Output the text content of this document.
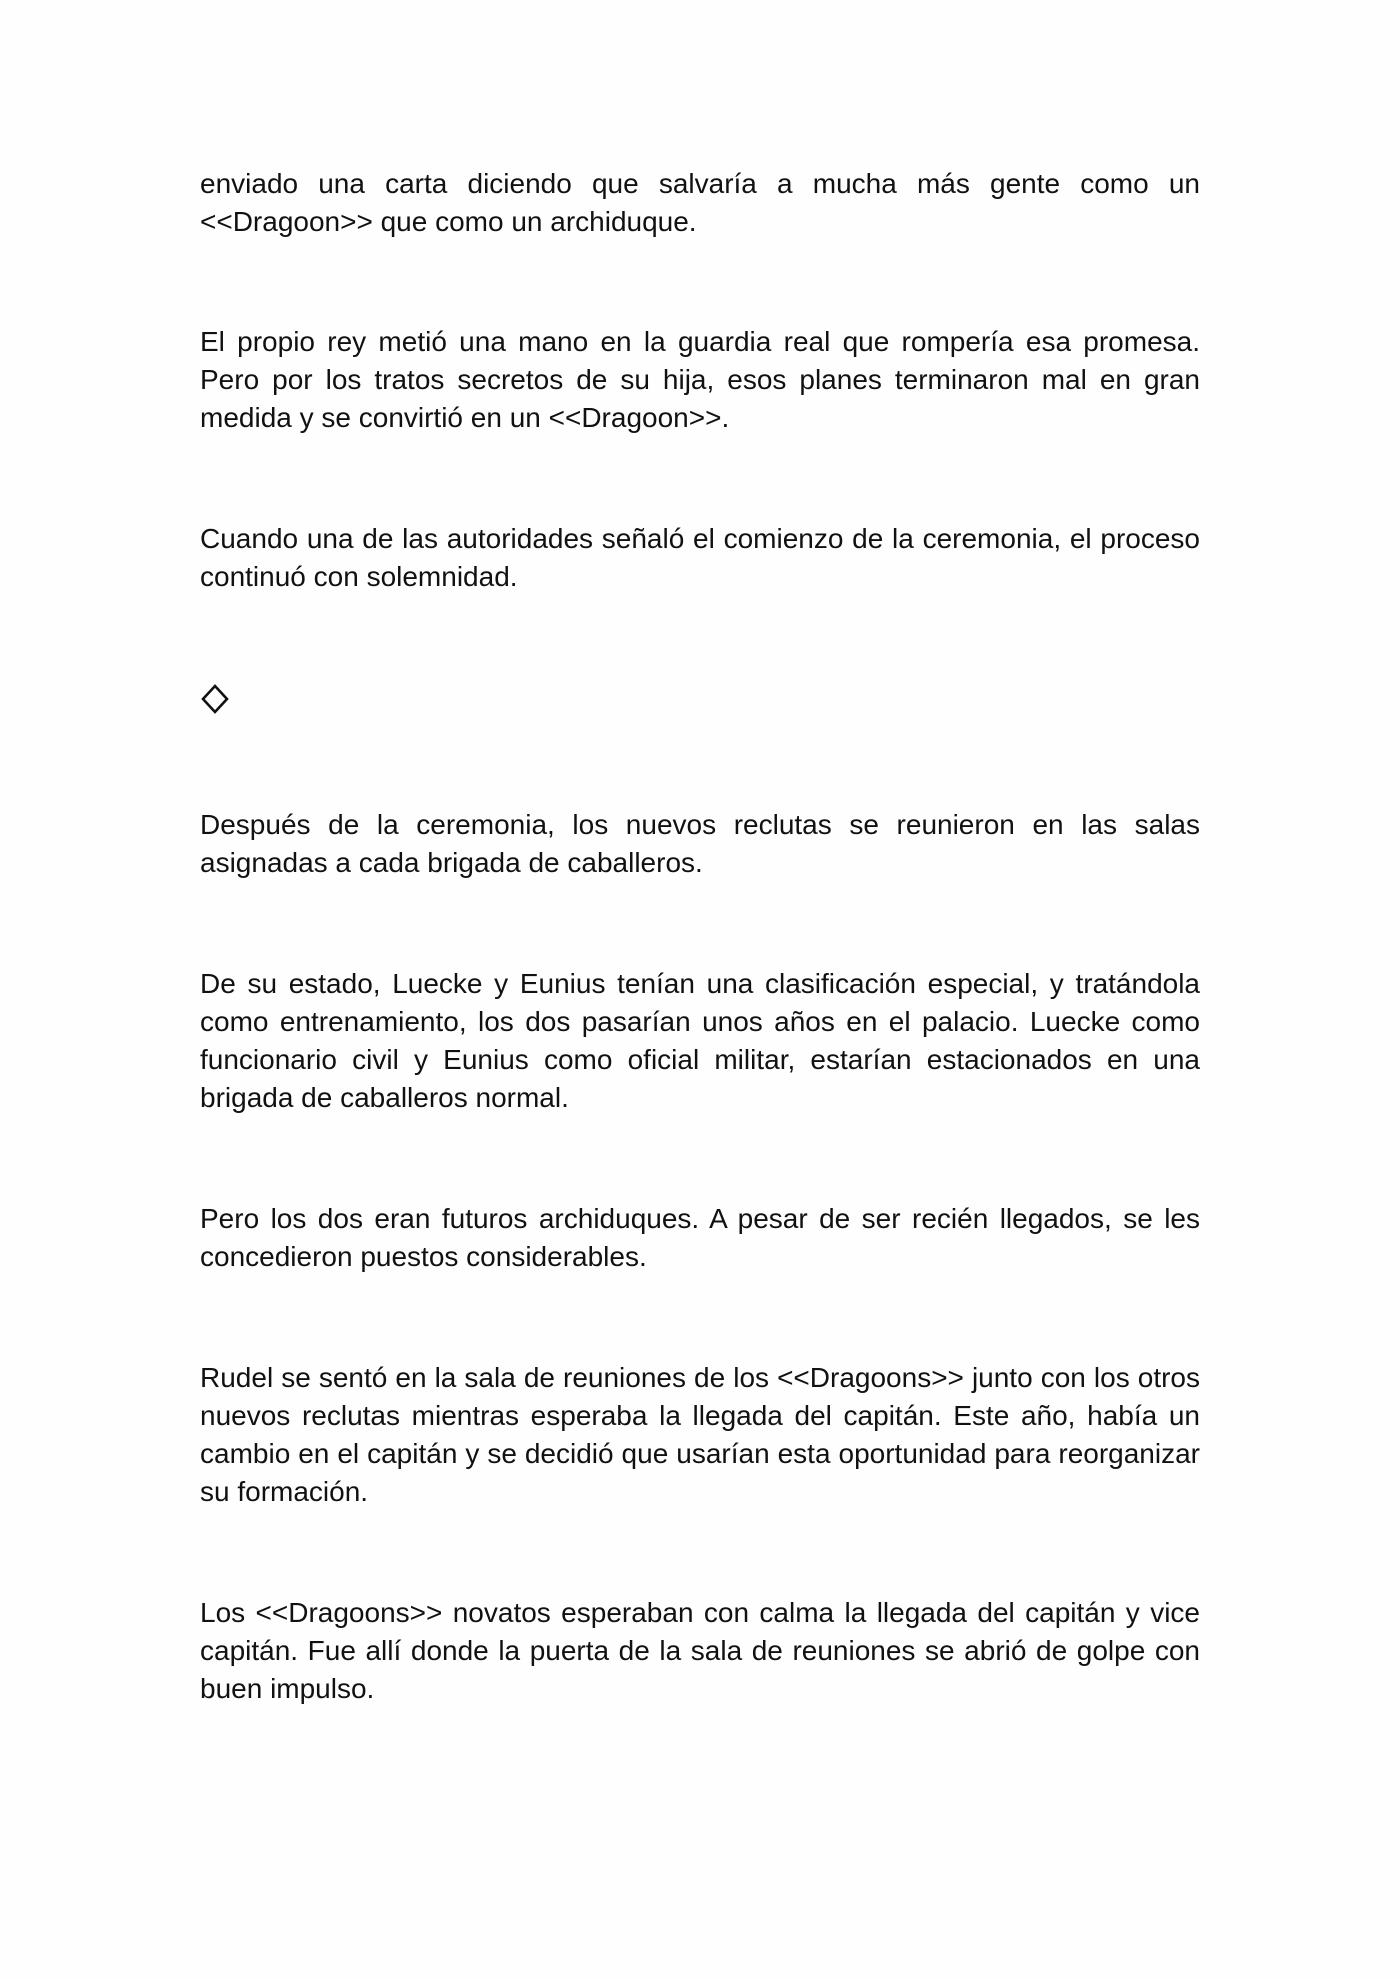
enviado una carta diciendo que salvaría a mucha más gente como un <<Dragoon>> que como un archiduque.

El propio rey metió una mano en la guardia real que rompería esa promesa. Pero por los tratos secretos de su hija, esos planes terminaron mal en gran medida y se convirtió en un <<Dragoon>>.

Cuando una de las autoridades señaló el comienzo de la ceremonia, el proceso continuó con solemnidad.

Después de la ceremonia, los nuevos reclutas se reunieron en las salas asignadas a cada brigada de caballeros.

De su estado, Luecke y Eunius tenían una clasificación especial, y tratándola como entrenamiento, los dos pasarían unos años en el palacio. Luecke como funcionario civil y Eunius como oficial militar, estarían estacionados en una brigada de caballeros normal.

Pero los dos eran futuros archiduques. A pesar de ser recién llegados, se les concedieron puestos considerables.

Rudel se sentó en la sala de reuniones de los <<Dragoons>> junto con los otros nuevos reclutas mientras esperaba la llegada del capitán. Este año, había un cambio en el capitán y se decidió que usarían esta oportunidad para reorganizar su formación.

Los <<Dragoons>> novatos esperaban con calma la llegada del capitán y vice capitán. Fue allí donde la puerta de la sala de reuniones se abrió de golpe con buen impulso.
